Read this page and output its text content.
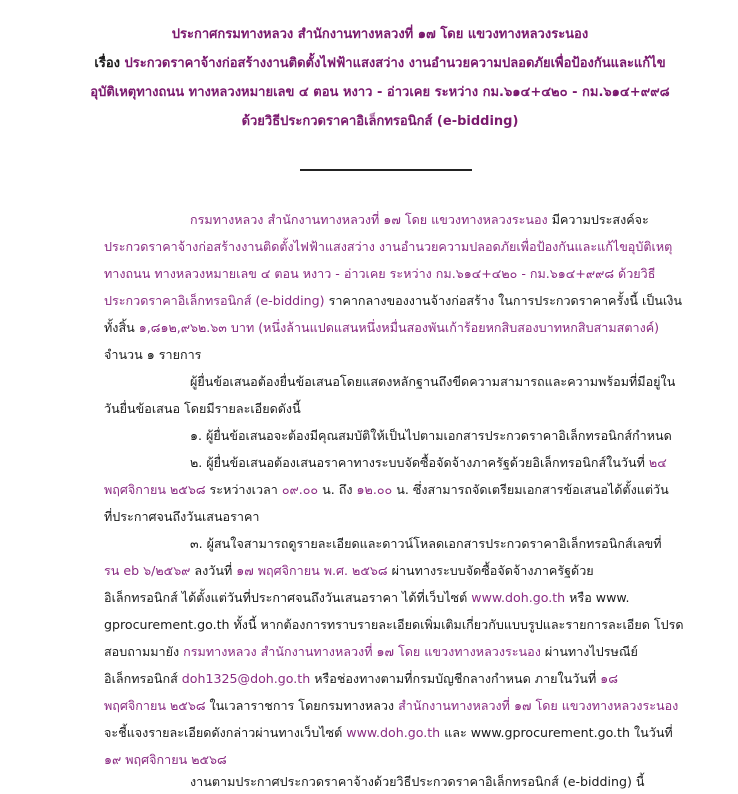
ประกาศกรมทางหลวง สำนักงานทางหลวงที่ ๑๗ โดย แขวงทางหลวงระนอง
เรื่อง ประกวดราคาจ้างก่อสร้างงานติดตั้งไฟฟ้าแสงสว่าง งานอำนวยความปลอดภัยเพื่อป้องกันและแก้ไข
อุบัติเหตุทางถนน ทางหลวงหมายเลข ๔ ตอน หงาว - อ่าวเคย ระหว่าง กม.๖๑๔+๔๒๐ - กม.๖๑๔+๙๙๘
ด้วยวิธีประกวดราคาอิเล็กทรอนิกส์ (e-bidding)
กรมทางหลวง สำนักงานทางหลวงที่ ๑๗ โดย แขวงทางหลวงระนอง มีความประสงค์จะ
ประกวดราคาจ้างก่อสร้างงานติดตั้งไฟฟ้าแสงสว่าง งานอำนวยความปลอดภัยเพื่อป้องกันและแก้ไขอุบัติเหตุ
ทางถนน ทางหลวงหมายเลข ๔ ตอน หงาว - อ่าวเคย ระหว่าง กม.๖๑๔+๔๒๐ - กม.๖๑๔+๙๙๘ ด้วยวิธี
ประกวดราคาอิเล็กทรอนิกส์ (e-bidding) ราคากลางของงานจ้างก่อสร้าง ในการประกวดราคาครั้งนี้ เป็นเงิน
ทั้งสิ้น ๑,๘๑๒,๙๖๒.๖๓ บาท (หนึ่งล้านแปดแสนหนึ่งหมื่นสองพันเก้าร้อยหกสิบสองบาทหกสิบสามสตางค์)
จำนวน ๑ รายการ
ผู้ยื่นข้อเสนอต้องยื่นข้อเสนอโดยแสดงหลักฐานถึงขีดความสามารถและความพร้อมที่มีอยู่ใน
วันยื่นข้อเสนอ โดยมีรายละเอียดดังนี้
๑. ผู้ยื่นข้อเสนอจะต้องมีคุณสมบัติให้เป็นไปตามเอกสารประกวดราคาอิเล็กทรอนิกส์กำหนด
๒. ผู้ยื่นข้อเสนอต้องเสนอราคาทางระบบจัดซื้อจัดจ้างภาครัฐด้วยอิเล็กทรอนิกส์ในวันที่ ๒๔
พฤศจิกายน ๒๕๖๘ ระหว่างเวลา ๐๙.๐๐ น. ถึง ๑๒.๐๐ น. ซึ่งสามารถจัดเตรียมเอกสารข้อเสนอได้ตั้งแต่วัน
ที่ประกาศจนถึงวันเสนอราคา
๓. ผู้สนใจสามารถดูรายละเอียดและดาวน์โหลดเอกสารประกวดราคาอิเล็กทรอนิกส์เลขที่
รน eb ๖/๒๕๖๙ ลงวันที่ ๑๗ พฤศจิกายน พ.ศ. ๒๕๖๘ ผ่านทางระบบจัดซื้อจัดจ้างภาครัฐด้วย
อิเล็กทรอนิกส์ ได้ตั้งแต่วันที่ประกาศจนถึงวันเสนอราคา ได้ที่เว็บไซต์ www.doh.go.th หรือ www.
gprocurement.go.th ทั้งนี้ หากต้องการทราบรายละเอียดเพิ่มเติมเกี่ยวกับแบบรูปและรายการละเอียด โปรด
สอบถามมายัง กรมทางหลวง สำนักงานทางหลวงที่ ๑๗ โดย แขวงทางหลวงระนอง ผ่านทางไปรษณีย์
อิเล็กทรอนิกส์ doh1325@doh.go.th หรือช่องทางตามที่กรมบัญชีกลางกำหนด ภายในวันที่ ๑๘
พฤศจิกายน ๒๕๖๘ ในเวลาราชการ โดยกรมทางหลวง สำนักงานทางหลวงที่ ๑๗ โดย แขวงทางหลวงระนอง
จะชี้แจงรายละเอียดดังกล่าวผ่านทางเว็บไซต์ www.doh.go.th และ www.gprocurement.go.th ในวันที่
๑๙ พฤศจิกายน ๒๕๖๘
งานตามประกาศประกวดราคาจ้างด้วยวิธีประกวดราคาอิเล็กทรอนิกส์ (e-bidding) นี้
